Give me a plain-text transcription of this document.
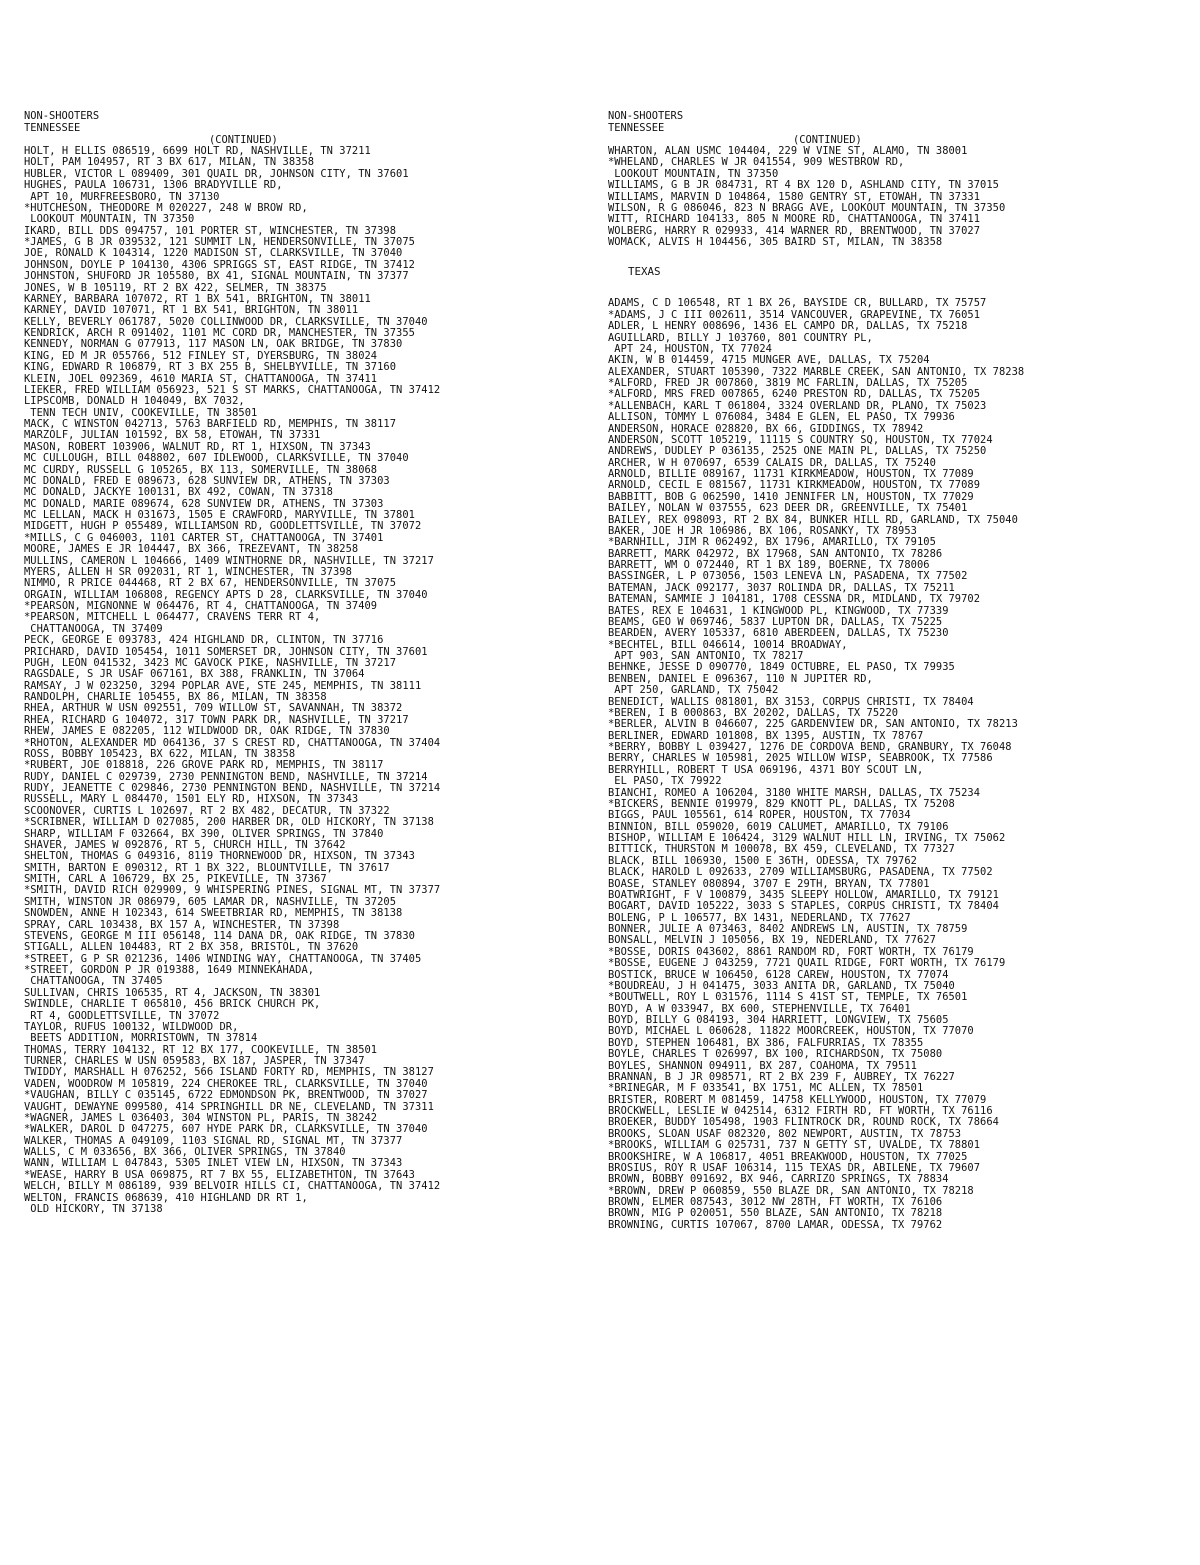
NON-SHOOTERS
TENNESSEE
(CONTINUED)
HOLT, H ELLIS 086519, 6699 HOLT RD, NASHVILLE, TN 37211
HOLT, PAM 104957, RT 3 BX 617, MILAN, TN 38358
HUBLER, VICTOR L 089409, 301 QUAIL DR, JOHNSON CITY, TN 37601
HUGHES, PAULA 106731, 1306 BRADYVILLE RD,
APT 10, MURFREESBORO, TN 37130
*HUTCHESON, THEODORE M 020227, 248 W BROW RD,
LOOKOUT MOUNTAIN, TN 37350
IKARD, BILL DDS 094757, 101 PORTER ST, WINCHESTER, TN 37398
*JAMES, G B JR 039532, 121 SUMMIT LN, HENDERSONVILLE, TN 37075
JOE, RONALD K 104314, 1220 MADISON ST, CLARKSVILLE, TN 37040
JOHNSON, DOYLE P 104130, 4306 SPRIGGS ST, EAST RIDGE, TN 37412
JOHNSTON, SHUFORD JR 105580, BX 41, SIGNAL MOUNTAIN, TN 37377
JONES, W B 105119, RT 2 BX 422, SELMER, TN 38375
KARNEY, BARBARA 107072, RT 1 BX 541, BRIGHTON, TN 38011
KARNEY, DAVID 107071, RT 1 BX 541, BRIGHTON, TN 38011
KELLY, BEVERLY 061787, 5020 COLLINWOOD DR, CLARKSVILLE, TN 37040
KENDRICK, ARCH R 091402, 1101 MC CORD DR, MANCHESTER, TN 37355
KENNEDY, NORMAN G 077913, 117 MASON LN, OAK BRIDGE, TN 37830
KING, ED M JR 055766, 512 FINLEY ST, DYERSBURG, TN 38024
KING, EDWARD R 106879, RT 3 BX 255 B, SHELBYVILLE, TN 37160
KLEIN, JOEL 092369, 4610 MARIA ST, CHATTANOOGA, TN 37411
LIEKER, FRED WILLIAM 056923, 521 S ST MARKS, CHATTANOOGA, TN 37412
LIPSCOMB, DONALD H 104049, BX 7032,
TENN TECH UNIV, COOKEVILLE, TN 38501
MACK, C WINSTON 042713, 5763 BARFIELD RD, MEMPHIS, TN 38117
MARZOLF, JULIAN 101592, BX 58, ETOWAH, TN 37331
MASON, ROBERT 103906, WALNUT RD, RT 1, HIXSON, TN 37343
MC CULLOUGH, BILL 048802, 607 IDLEWOOD, CLARKSVILLE, TN 37040
MC CURDY, RUSSELL G 105265, BX 113, SOMERVILLE, TN 38068
MC DONALD, FRED E 089673, 628 SUNVIEW DR, ATHENS, TN 37303
MC DONALD, JACKYE 100131, BX 492, COWAN, TN 37318
MC DONALD, MARIE 089674, 628 SUNVIEW DR, ATHENS, TN 37303
MC LELLAN, MACK H 031673, 1505 E CRAWFORD, MARYVILLE, TN 37801
MIDGETT, HUGH P 055489, WILLIAMSON RD, GOODLETTSVILLE, TN 37072
*MILLS, C G 046003, 1101 CARTER ST, CHATTANOOGA, TN 37401
MOORE, JAMES E JR 104447, BX 366, TREZEVANT, TN 38258
MULLINS, CAMERON L 104666, 1409 WINTHORNE DR, NASHVILLE, TN 37217
MYERS, ALLEN H SR 092031, RT 1, WINCHESTER, TN 37398
NIMMO, R PRICE 044468, RT 2 BX 67, HENDERSONVILLE, TN 37075
ORGAIN, WILLIAM 106808, REGENCY APTS D 28, CLARKSVILLE, TN 37040
*PEARSON, MIGNONNE W 064476, RT 4, CHATTANOOGA, TN 37409
*PEARSON, MITCHELL L 064477, CRAVENS TERR RT 4,
CHATTANOOGA, TN 37409
PECK, GEORGE E 093783, 424 HIGHLAND DR, CLINTON, TN 37716
PRICHARD, DAVID 105454, 1011 SOMERSET DR, JOHNSON CITY, TN 37601
PUGH, LEON 041532, 3423 MC GAVOCK PIKE, NASHVILLE, TN 37217
RAGSDALE, S JR USAF 067161, BX 388, FRANKLIN, TN 37064
RAMSAY, J W 023250, 3294 POPLAR AVE, STE 245, MEMPHIS, TN 38111
RANDOLPH, CHARLIE 105455, BX 86, MILAN, TN 38358
RHEA, ARTHUR W USN 092551, 709 WILLOW ST, SAVANNAH, TN 38372
RHEA, RICHARD G 104072, 317 TOWN PARK DR, NASHVILLE, TN 37217
RHEW, JAMES E 082205, 112 WILDWOOD DR, OAK RIDGE, TN 37830
*RHOTON, ALEXANDER MD 064136, 37 S CREST RD, CHATTANOOGA, TN 37404
ROSS, BOBBY 105423, BX 622, MILAN, TN 38358
*RUBERT, JOE 018818, 226 GROVE PARK RD, MEMPHIS, TN 38117
RUDY, DANIEL C 029739, 2730 PENNINGTON BEND, NASHVILLE, TN 37214
RUDY, JEANETTE C 029846, 2730 PENNINGTON BEND, NASHVILLE, TN 37214
RUSSELL, MARY L 084470, 1501 ELY RD, HIXSON, TN 37343
SCOONOVER, CURTIS L 102697, RT 2 BX 482, DECATUR, TN 37322
*SCRIBNER, WILLIAM D 027085, 200 HARBER DR, OLD HICKORY, TN 37138
SHARP, WILLIAM F 032664, BX 390, OLIVER SPRINGS, TN 37840
SHAVER, JAMES W 092876, RT 5, CHURCH HILL, TN 37642
SHELTON, THOMAS G 049316, 8119 THORNEWOOD DR, HIXSON, TN 37343
SMITH, BARTON E 090312, RT 1 BX 322, BLOUNTVILLE, TN 37617
SMITH, CARL A 106729, BX 25, PIKEVILLE, TN 37367
*SMITH, DAVID RICH 029909, 9 WHISPERING PINES, SIGNAL MT, TN 37377
SMITH, WINSTON JR 086979, 605 LAMAR DR, NASHVILLE, TN 37205
SNOWDEN, ANNE H 102343, 614 SWEETBRIAR RD, MEMPHIS, TN 38138
SPRAY, CARL 103438, BX 157 A, WINCHESTER, TN 37398
STEVENS, GEORGE M III 056148, 114 DANA DR, OAK RIDGE, TN 37830
STIGALL, ALLEN 104483, RT 2 BX 358, BRISTOL, TN 37620
*STREET, G P SR 021236, 1406 WINDING WAY, CHATTANOOGA, TN 37405
*STREET, GORDON P JR 019388, 1649 MINNEKAHADA,
CHATTANOOGA, TN 37405
SULLIVAN, CHRIS 106535, RT 4, JACKSON, TN 38301
SWINDLE, CHARLIE T 065810, 456 BRICK CHURCH PK,
RT 4, GOODLETTSVILLE, TN 37072
TAYLOR, RUFUS 100132, WILDWOOD DR,
BEETS ADDITION, MORRISTOWN, TN 37814
THOMAS, TERRY 104132, RT 12 BX 177, COOKEVILLE, TN 38501
TURNER, CHARLES W USN 059583, BX 187, JASPER, TN 37347
TWIDDY, MARSHALL H 076252, 566 ISLAND FORTY RD, MEMPHIS, TN 38127
VADEN, WOODROW M 105819, 224 CHEROKEE TRL, CLARKSVILLE, TN 37040
*VAUGHAN, BILLY C 035145, 6722 EDMONDSON PK, BRENTWOOD, TN 37027
VAUGHT, DEWAYNE 099580, 414 SPRINGHILL DR NE, CLEVELAND, TN 37311
*WAGNER, JAMES L 036403, 304 WINSTON PL, PARIS, TN 38242
*WALKER, DAROL D 047275, 607 HYDE PARK DR, CLARKSVILLE, TN 37040
WALKER, THOMAS A 049109, 1103 SIGNAL RD, SIGNAL MT, TN 37377
WALLS, C M 033656, BX 366, OLIVER SPRINGS, TN 37840
WANN, WILLIAM L 047843, 5305 INLET VIEW LN, HIXSON, TN 37343
*WEASE, HARRY B USA 069875, RT 7 BX 55, ELIZABETHTON, TN 37643
WELCH, BILLY M 086189, 939 BELVOIR HILLS CI, CHATTANOOGA, TN 37412
WELTON, FRANCIS 068639, 410 HIGHLAND DR RT 1,
OLD HICKORY, TN 37138
NON-SHOOTERS
TENNESSEE
(CONTINUED)
WHARTON, ALAN USMC 104404, 229 W VINE ST, ALAMO, TN 38001
*WHELAND, CHARLES W JR 041554, 909 WESTBROW RD,
LOOKOUT MOUNTAIN, TN 37350
WILLIAMS, G B JR 084731, RT 4 BX 120 D, ASHLAND CITY, TN 37015
WILLIAMS, MARVIN D 104864, 1580 GENTRY ST, ETOWAH, TN 37331
WILSON, R G 086046, 823 N BRAGG AVE, LOOKOUT MOUNTAIN, TN 37350
WITT, RICHARD 104133, 805 N MOORE RD, CHATTANOOGA, TN 37411
WOLBERG, HARRY R 029933, 414 WARNER RD, BRENTWOOD, TN 37027
WOMACK, ALVIS H 104456, 305 BAIRD ST, MILAN, TN 38358
TEXAS
ADAMS, C D 106548, RT 1 BX 26, BAYSIDE CR, BULLARD, TX 75757
*ADAMS, J C III 002611, 3514 VANCOUVER, GRAPEVINE, TX 76051
ADLER, L HENRY 008696, 1436 EL CAMPO DR, DALLAS, TX 75218
AGUILLARD, BILLY J 103760, 801 COUNTRY PL,
APT 24, HOUSTON, TX 77024
AKIN, W B 014459, 4715 MUNGER AVE, DALLAS, TX 75204
ALEXANDER, STUART 105390, 7322 MARBLE CREEK, SAN ANTONIO, TX 78238
*ALFORD, FRED JR 007860, 3819 MC FARLIN, DALLAS, TX 75205
*ALFORD, MRS FRED 007865, 6240 PRESTON RD, DALLAS, TX 75205
*ALLENBACH, KARL T 061804, 3324 OVERLAND DR, PLANO, TX 75023
ALLISON, TOMMY L 076084, 3484 E GLEN, EL PASO, TX 79936
ANDERSON, HORACE 028820, BX 66, GIDDINGS, TX 78942
ANDERSON, SCOTT 105219, 11115 S COUNTRY SQ, HOUSTON, TX 77024
ANDREWS, DUDLEY P 036135, 2525 ONE MAIN PL, DALLAS, TX 75250
ARCHER, W H 070697, 6539 CALAIS DR, DALLAS, TX 75240
ARNOLD, BILLIE 089167, 11731 KIRKMEADOW, HOUSTON, TX 77089
ARNOLD, CECIL E 081567, 11731 KIRKMEADOW, HOUSTON, TX 77089
BABBITT, BOB G 062590, 1410 JENNIFER LN, HOUSTON, TX 77029
BAILEY, NOLAN W 037555, 623 DEER DR, GREENVILLE, TX 75401
BAILEY, REX 098093, RT 2 BX 84, BUNKER HILL RD, GARLAND, TX 75040
BAKER, JOE H JR 106986, BX 106, ROSANKY, TX 78953
*BARNHILL, JIM R 062492, BX 1796, AMARILLO, TX 79105
BARRETT, MARK 042972, BX 17968, SAN ANTONIO, TX 78286
BARRETT, WM O 072440, RT 1 BX 189, BOERNE, TX 78006
BASSINGER, L P 073056, 1503 LENEVA LN, PASADENA, TX 77502
BATEMAN, JACK 092177, 3037 ROLINDA DR, DALLAS, TX 75211
BATEMAN, SAMMIE J 104181, 1708 CESSNA DR, MIDLAND, TX 79702
BATES, REX E 104631, 1 KINGWOOD PL, KINGWOOD, TX 77339
BEAMS, GEO W 069746, 5837 LUPTON DR, DALLAS, TX 75225
BEARDEN, AVERY 105337, 6810 ABERDEEN, DALLAS, TX 75230
*BECHTEL, BILL 046614, 10014 BROADWAY,
APT 903, SAN ANTONIO, TX 78217
BEHNKE, JESSE D 090770, 1849 OCTUBRE, EL PASO, TX 79935
BENBEN, DANIEL E 096367, 110 N JUPITER RD,
APT 250, GARLAND, TX 75042
BENEDICT, WALLIS 081801, BX 3153, CORPUS CHRISTI, TX 78404
*BEREN, I B 000863, BX 20202, DALLAS, TX 75220
*BERLER, ALVIN B 046607, 225 GARDENVIEW DR, SAN ANTONIO, TX 78213
BERLINER, EDWARD 101808, BX 1395, AUSTIN, TX 78767
*BERRY, BOBBY L 039427, 1276 DE CORDOVA BEND, GRANBURY, TX 76048
BERRY, CHARLES W 105981, 2025 WILLOW WISP, SEABROOK, TX 77586
BERRYHILL, ROBERT T USA 069196, 4371 BOY SCOUT LN,
EL PASO, TX 79922
BIANCHI, ROMEO A 106204, 3180 WHITE MARSH, DALLAS, TX 75234
*BICKERS, BENNIE 019979, 829 KNOTT PL, DALLAS, TX 75208
BIGGS, PAUL 105561, 614 ROPER, HOUSTON, TX 77034
BINNION, BILL 059020, 6019 CALUMET, AMARILLO, TX 79106
BISHOP, WILLIAM E 106424, 3129 WALNUT HILL LN, IRVING, TX 75062
BITTICK, THURSTON M 100078, BX 459, CLEVELAND, TX 77327
BLACK, BILL 106930, 1500 E 36TH, ODESSA, TX 79762
BLACK, HAROLD L 092633, 2709 WILLIAMSBURG, PASADENA, TX 77502
BOASE, STANLEY 080894, 3707 E 29TH, BRYAN, TX 77801
BOATWRIGHT, F V 100879, 3435 SLEEPY HOLLOW, AMARILLO, TX 79121
BOGART, DAVID 105222, 3033 S STAPLES, CORPUS CHRISTI, TX 78404
BOLENG, P L 106577, BX 1431, NEDERLAND, TX 77627
BONNER, JULIE A 073463, 8402 ANDREWS LN, AUSTIN, TX 78759
BONSALL, MELVIN J 105056, BX 19, NEDERLAND, TX 77627
*BOSSE, DORIS 043602, 8861 RANDOM RD, FORT WORTH, TX 76179
*BOSSE, EUGENE J 043259, 7721 QUAIL RIDGE, FORT WORTH, TX 76179
BOSTICK, BRUCE W 106450, 6128 CAREW, HOUSTON, TX 77074
*BOUDREAU, J H 041475, 3033 ANITA DR, GARLAND, TX 75040
*BOUTWELL, ROY L 031576, 1114 S 41ST ST, TEMPLE, TX 76501
BOYD, A W 033947, BX 600, STEPHENVILLE, TX 76401
BOYD, BILLY G 084193, 304 HARRIETT, LONGVIEW, TX 75605
BOYD, MICHAEL L 060628, 11822 MOORCREEK, HOUSTON, TX 77070
BOYD, STEPHEN 106481, BX 386, FALFURRIAS, TX 78355
BOYLE, CHARLES T 026997, BX 100, RICHARDSON, TX 75080
BOYLES, SHANNON 094911, BX 287, COAHOMA, TX 79511
BRANNAN, B J JR 098571, RT 2 BX 239 F, AUBREY, TX 76227
*BRINEGAR, M F 033541, BX 1751, MC ALLEN, TX 78501
BRISTER, ROBERT M 081459, 14758 KELLYWOOD, HOUSTON, TX 77079
BROCKWELL, LESLIE W 042514, 6312 FIRTH RD, FT WORTH, TX 76116
BROEKER, BUDDY 105498, 1903 FLINTROCK DR, ROUND ROCK, TX 78664
BROOKS, SLOAN USAF 082320, 802 NEWPORT, AUSTIN, TX 78753
*BROOKS, WILLIAM G 025731, 737 N GETTY ST, UVALDE, TX 78801
BROOKSHIRE, W A 106817, 4051 BREAKWOOD, HOUSTON, TX 77025
BROSIUS, ROY R USAF 106314, 115 TEXAS DR, ABILENE, TX 79607
BROWN, BOBBY 091692, BX 946, CARRIZO SPRINGS, TX 78834
*BROWN, DREW P 060859, 550 BLAZE DR, SAN ANTONIO, TX 78218
BROWN, ELMER 087543, 3012 NW 28TH, FT WORTH, TX 76106
BROWN, MIG P 020051, 550 BLAZE, SAN ANTONIO, TX 78218
BROWNING, CURTIS 107067, 8700 LAMAR, ODESSA, TX 79762
